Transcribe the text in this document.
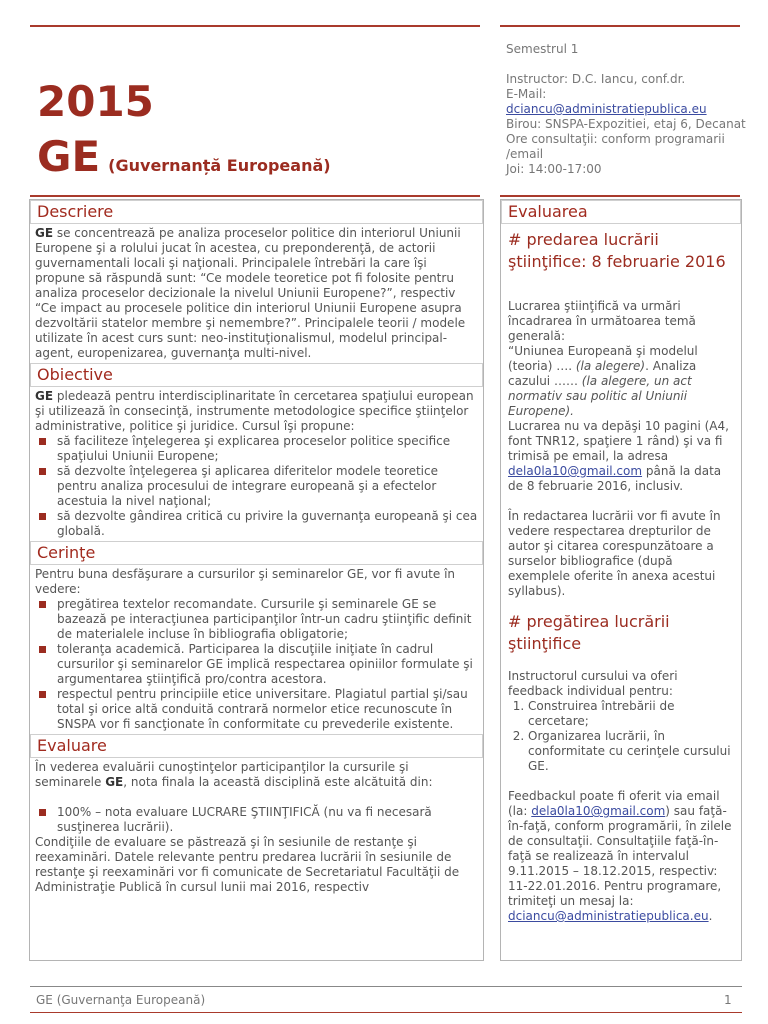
2015
GE (Guvernanță Europeană)
Semestrul 1
Instructor: D.C. Iancu, conf.dr.
E-Mail:
dciancu@administratiepublica.eu
Birou: SNSPA-Expozitiei, etaj 6, Decanat
Ore consultaţii: conform programarii /email
Joi: 14:00-17:00
Descriere

GE se concentrează pe analiza proceselor politice din interiorul Uniunii Europene şi a rolului jucat în acestea, cu preponderenţă, de actorii guvernamentali locali şi naţionali. Principalele întrebări la care îşi propune să răspundă sunt: “Ce modele teoretice pot fi folosite pentru analiza proceselor decizionale la nivelul Uniunii Europene?”, respectiv “Ce impact au procesele politice din interiorul Uniunii Europene asupra dezvoltării statelor membre şi nemembre?”. Principalele teorii / modele utilizate în acest curs sunt: neo-instituţionalismul, modelul principal-agent, europenizarea, guvernanţa multi-nivel.

Obiective

GE pledează pentru interdisciplinaritate în cercetarea spaţiului european şi utilizează în consecinţă, instrumente metodologice specifice ştiinţelor administrative, politice şi juridice. Cursul îşi propune:

să faciliteze înţelegerea şi explicarea proceselor politice specifice spaţiului Uniunii Europene;
să dezvolte înţelegerea şi aplicarea diferitelor modele teoretice pentru analiza procesului de integrare europeană şi a efectelor acestuia la nivel naţional;
să dezvolte gândirea critică cu privire la guvernanţa europeană şi cea globală.
Cerinţe

Pentru buna desfăşurare a cursurilor şi seminarelor GE, vor fi avute în vedere:

pregătirea textelor recomandate. Cursurile şi seminarele GE se bazează pe interacţiunea participanţilor într-un cadru ştiinţific definit de materialele incluse în bibliografia obligatorie;
toleranţa academică. Participarea la discuţiile iniţiate în cadrul cursurilor şi seminarelor GE implică respectarea opiniilor formulate şi argumentarea ştiinţifică pro/contra acestora.
respectul pentru principiile etice universitare. Plagiatul partial şi/sau total şi orice altă conduită contrară normelor etice recunoscute în SNSPA vor fi sancţionate în conformitate cu prevederile existente.
Evaluare

În vederea evaluării cunoştinţelor participanţilor la cursurile şi seminarele GE, nota finala la această disciplină este alcătuită din:

100% – nota evaluare LUCRARE ŞTIINŢIFICĂ (nu va fi necesară susţinerea lucrării).

Condiţiile de evaluare se păstrează şi în sesiunile de restanţe şi reexaminări. Datele relevante pentru predarea lucrării în sesiunile de restanţe şi reexaminări vor fi comunicate de Secretariatul Facultăţii de Administraţie Publică în cursul lunii mai 2016, respectiv

Evaluarea
# predarea lucrării ştiinţifice: 8 februarie 2016

Lucrarea ştiinţifică va urmări încadrarea în următoarea temă generală:

“Uniunea Europeană şi modelul (teoria) …. (la alegere). Analiza cazului …… (la alegere, un act normativ sau politic al Uniunii Europene).

Lucrarea nu va depăşi 10 pagini (A4, font TNR12, spaţiere 1 rând) şi va fi trimisă pe email, la adresa dela0la10@gmail.com până la data de 8 februarie 2016, inclusiv.

În redactarea lucrării vor fi avute în vedere respectarea drepturilor de autor şi citarea corespunzătoare a surselor bibliografice (după exemplele oferite în anexa acestui syllabus).

# pregătirea lucrării ştiinţifice

Instructorul cursului va oferi feedback individual pentru:

1. Construirea întrebării de cercetare;
2. Organizarea lucrării, în conformitate cu cerinţele cursului GE.

Feedbackul poate fi oferit via email (la: dela0la10@gmail.com) sau faţă-în-faţă, conform programării, în zilele de consultaţii. Consultaţiile faţă-în-faţă se realizează în intervalul 9.11.2015 – 18.12.2015, respectiv: 11-22.01.2016. Pentru programare, trimiteţi un mesaj la: dciancu@administratiepublica.eu.

GE (Guvernanţa Europeană)	1
